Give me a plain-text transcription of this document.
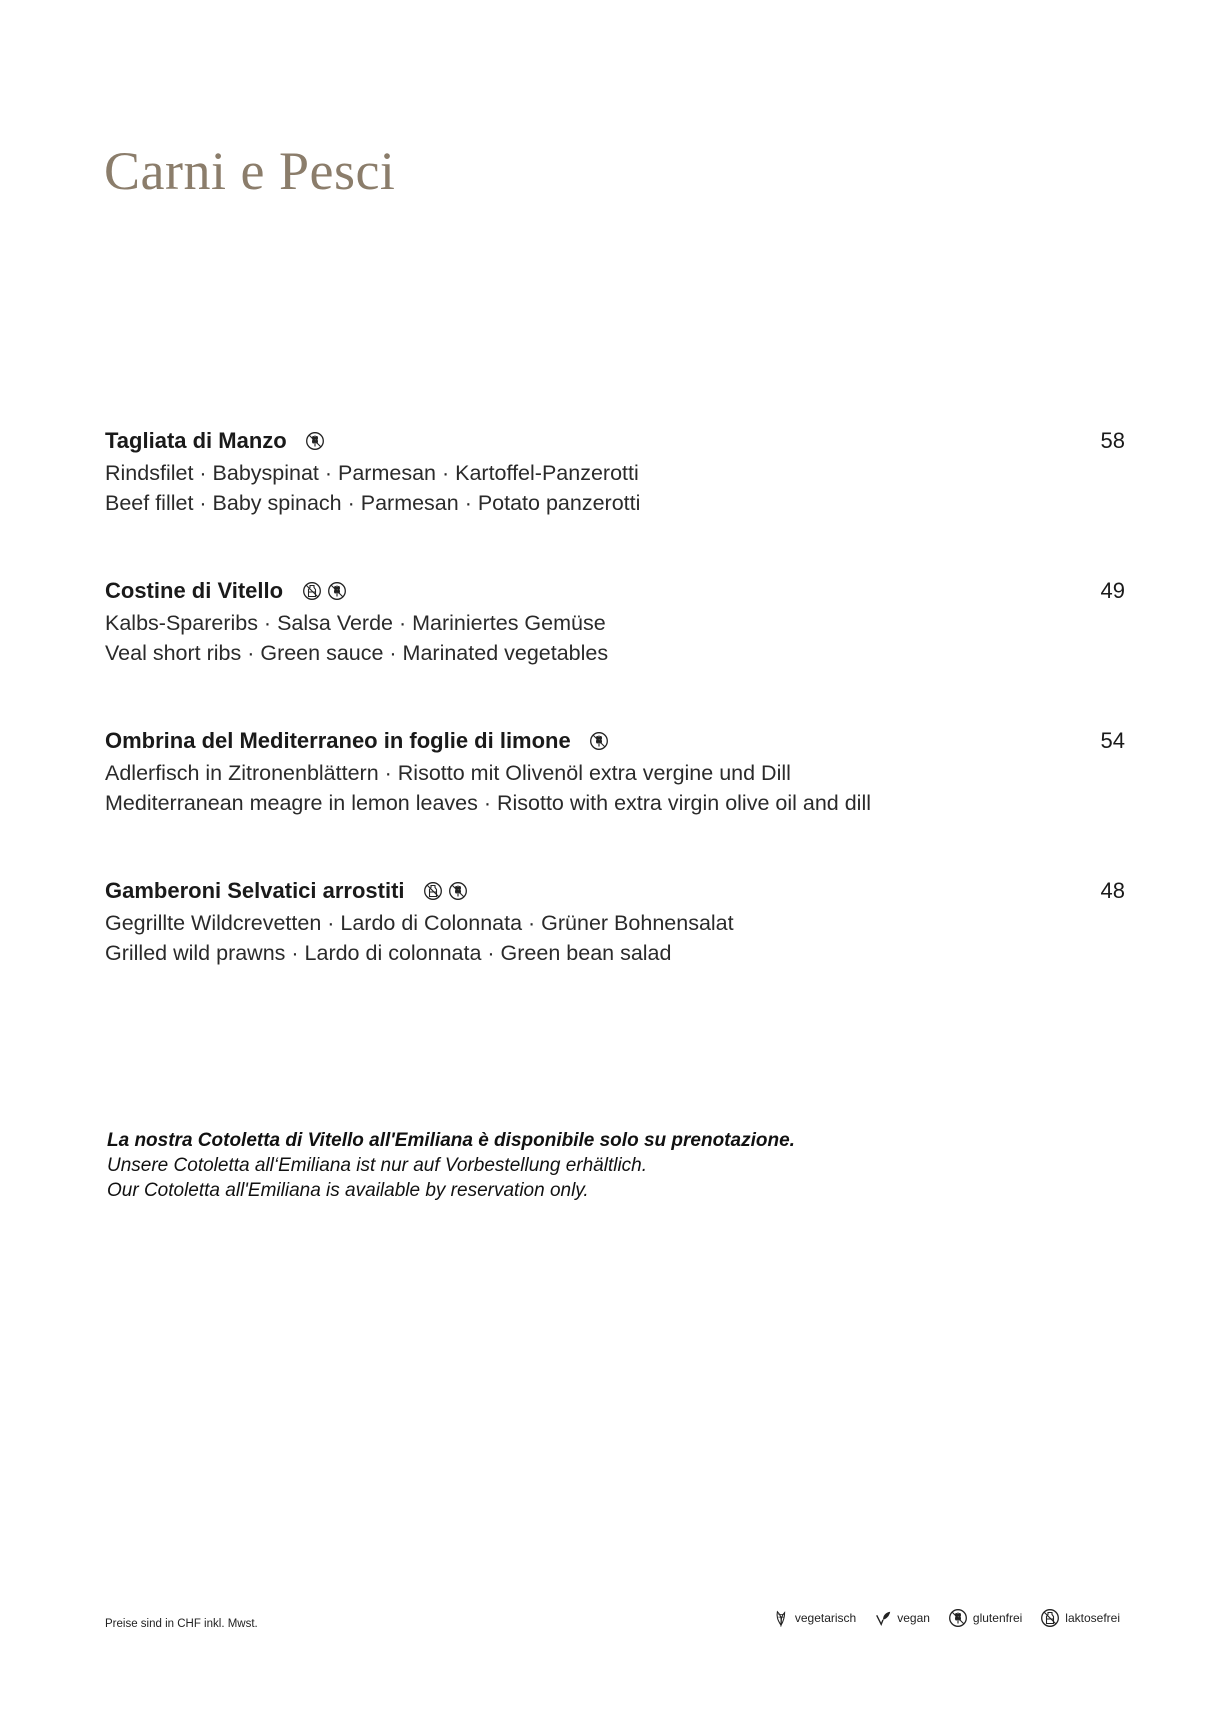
Carni e Pesci
Tagliata di Manzo	58
Rindsfilet · Babyspinat · Parmesan · Kartoffel-Panzerotti
Beef fillet · Baby spinach · Parmesan · Potato panzerotti
Costine di Vitello	49
Kalbs-Spareribs · Salsa Verde · Mariniertes Gemüse
Veal short ribs · Green sauce · Marinated vegetables
Ombrina del Mediterraneo in foglie di limone	54
Adlerfisch in Zitronenblättern · Risotto mit Olivenöl extra vergine und Dill
Mediterranean meagre in lemon leaves · Risotto with extra virgin olive oil and dill
Gamberoni Selvatici arrostiti	48
Gegrillte Wildcrevetten · Lardo di Colonnata · Grüner Bohnensalat
Grilled wild prawns · Lardo di colonnata · Green bean salad
La nostra Cotoletta di Vitello all'Emiliana è disponibile solo su prenotazione.
Unsere Cotoletta all‘Emiliana ist nur auf Vorbestellung erhältlich.
Our Cotoletta all'Emiliana is available by reservation only.
Preise sind in CHF inkl. Mwst.	vegetarisch	vegan	glutenfrei	laktosefrei
